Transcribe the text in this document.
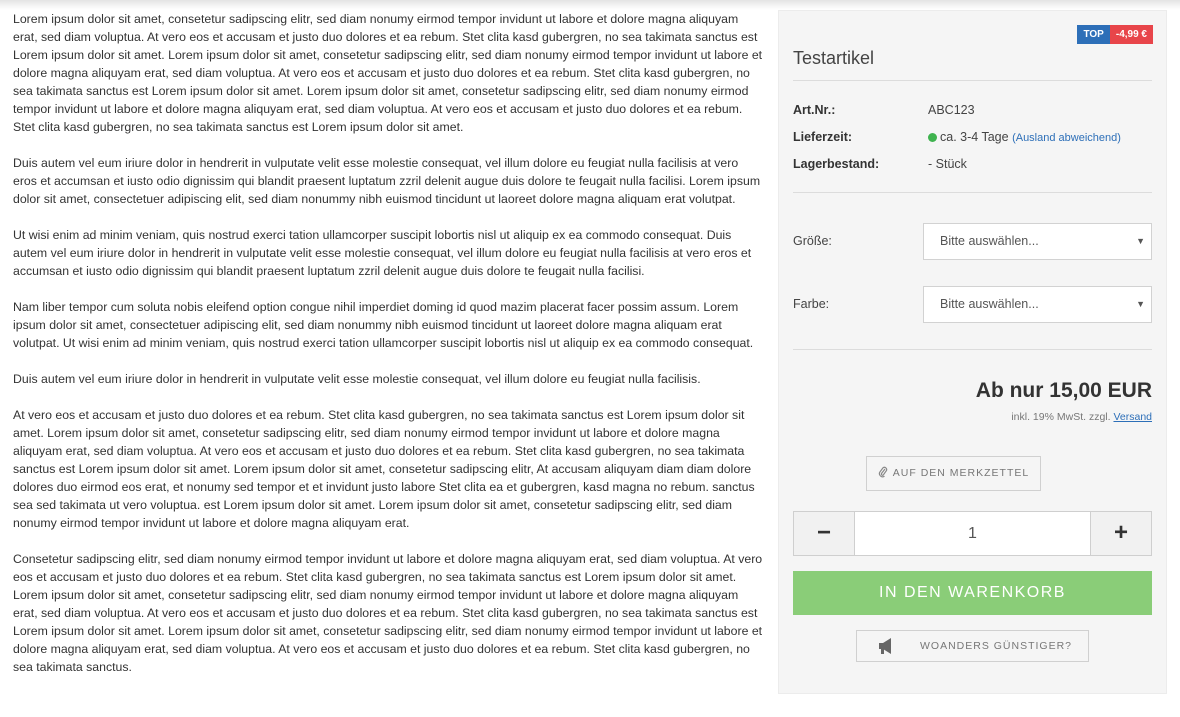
Lorem ipsum dolor sit amet, consetetur sadipscing elitr, sed diam nonumy eirmod tempor invidunt ut labore et dolore magna aliquyam erat, sed diam voluptua. At vero eos et accusam et justo duo dolores et ea rebum. Stet clita kasd gubergren, no sea takimata sanctus est Lorem ipsum dolor sit amet. Lorem ipsum dolor sit amet, consetetur sadipscing elitr, sed diam nonumy eirmod tempor invidunt ut labore et dolore magna aliquyam erat, sed diam voluptua. At vero eos et accusam et justo duo dolores et ea rebum. Stet clita kasd gubergren, no sea takimata sanctus est Lorem ipsum dolor sit amet. Lorem ipsum dolor sit amet, consetetur sadipscing elitr, sed diam nonumy eirmod tempor invidunt ut labore et dolore magna aliquyam erat, sed diam voluptua. At vero eos et accusam et justo duo dolores et ea rebum. Stet clita kasd gubergren, no sea takimata sanctus est Lorem ipsum dolor sit amet.

Duis autem vel eum iriure dolor in hendrerit in vulputate velit esse molestie consequat, vel illum dolore eu feugiat nulla facilisis at vero eros et accumsan et iusto odio dignissim qui blandit praesent luptatum zzril delenit augue duis dolore te feugait nulla facilisi. Lorem ipsum dolor sit amet, consectetuer adipiscing elit, sed diam nonummy nibh euismod tincidunt ut laoreet dolore magna aliquam erat volutpat.

Ut wisi enim ad minim veniam, quis nostrud exerci tation ullamcorper suscipit lobortis nisl ut aliquip ex ea commodo consequat. Duis autem vel eum iriure dolor in hendrerit in vulputate velit esse molestie consequat, vel illum dolore eu feugiat nulla facilisis at vero eros et accumsan et iusto odio dignissim qui blandit praesent luptatum zzril delenit augue duis dolore te feugait nulla facilisi.

Nam liber tempor cum soluta nobis eleifend option congue nihil imperdiet doming id quod mazim placerat facer possim assum. Lorem ipsum dolor sit amet, consectetuer adipiscing elit, sed diam nonummy nibh euismod tincidunt ut laoreet dolore magna aliquam erat volutpat. Ut wisi enim ad minim veniam, quis nostrud exerci tation ullamcorper suscipit lobortis nisl ut aliquip ex ea commodo consequat.

Duis autem vel eum iriure dolor in hendrerit in vulputate velit esse molestie consequat, vel illum dolore eu feugiat nulla facilisis.

At vero eos et accusam et justo duo dolores et ea rebum. Stet clita kasd gubergren, no sea takimata sanctus est Lorem ipsum dolor sit amet. Lorem ipsum dolor sit amet, consetetur sadipscing elitr, sed diam nonumy eirmod tempor invidunt ut labore et dolore magna aliquyam erat, sed diam voluptua. At vero eos et accusam et justo duo dolores et ea rebum. Stet clita kasd gubergren, no sea takimata sanctus est Lorem ipsum dolor sit amet. Lorem ipsum dolor sit amet, consetetur sadipscing elitr, At accusam aliquyam diam diam dolore dolores duo eirmod eos erat, et nonumy sed tempor et et invidunt justo labore Stet clita ea et gubergren, kasd magna no rebum. sanctus sea sed takimata ut vero voluptua. est Lorem ipsum dolor sit amet. Lorem ipsum dolor sit amet, consetetur sadipscing elitr, sed diam nonumy eirmod tempor invidunt ut labore et dolore magna aliquyam erat.

Consetetur sadipscing elitr, sed diam nonumy eirmod tempor invidunt ut labore et dolore magna aliquyam erat, sed diam voluptua. At vero eos et accusam et justo duo dolores et ea rebum. Stet clita kasd gubergren, no sea takimata sanctus est Lorem ipsum dolor sit amet. Lorem ipsum dolor sit amet, consetetur sadipscing elitr, sed diam nonumy eirmod tempor invidunt ut labore et dolore magna aliquyam erat, sed diam voluptua. At vero eos et accusam et justo duo dolores et ea rebum. Stet clita kasd gubergren, no sea takimata sanctus est Lorem ipsum dolor sit amet. Lorem ipsum dolor sit amet, consetetur sadipscing elitr, sed diam nonumy eirmod tempor invidunt ut labore et dolore magna aliquyam erat, sed diam voluptua. At vero eos et accusam et justo duo dolores et ea rebum. Stet clita kasd gubergren, no sea takimata sanctus.

TOP	-4,99 €
Testartikel
Art.Nr.:	ABC123
Lieferzeit:	ca. 3-4 Tage (Ausland abweichend)
Lagerbestand:	- Stück
Größe:	Bitte auswählen...	▼
Farbe:	Bitte auswählen...	▼
Ab nur 15,00 EUR
inkl. 19% MwSt. zzgl. Versand
AUF DEN MERKZETTEL
−	1	+
IN DEN WARENKORB
WOANDERS GÜNSTIGER?
